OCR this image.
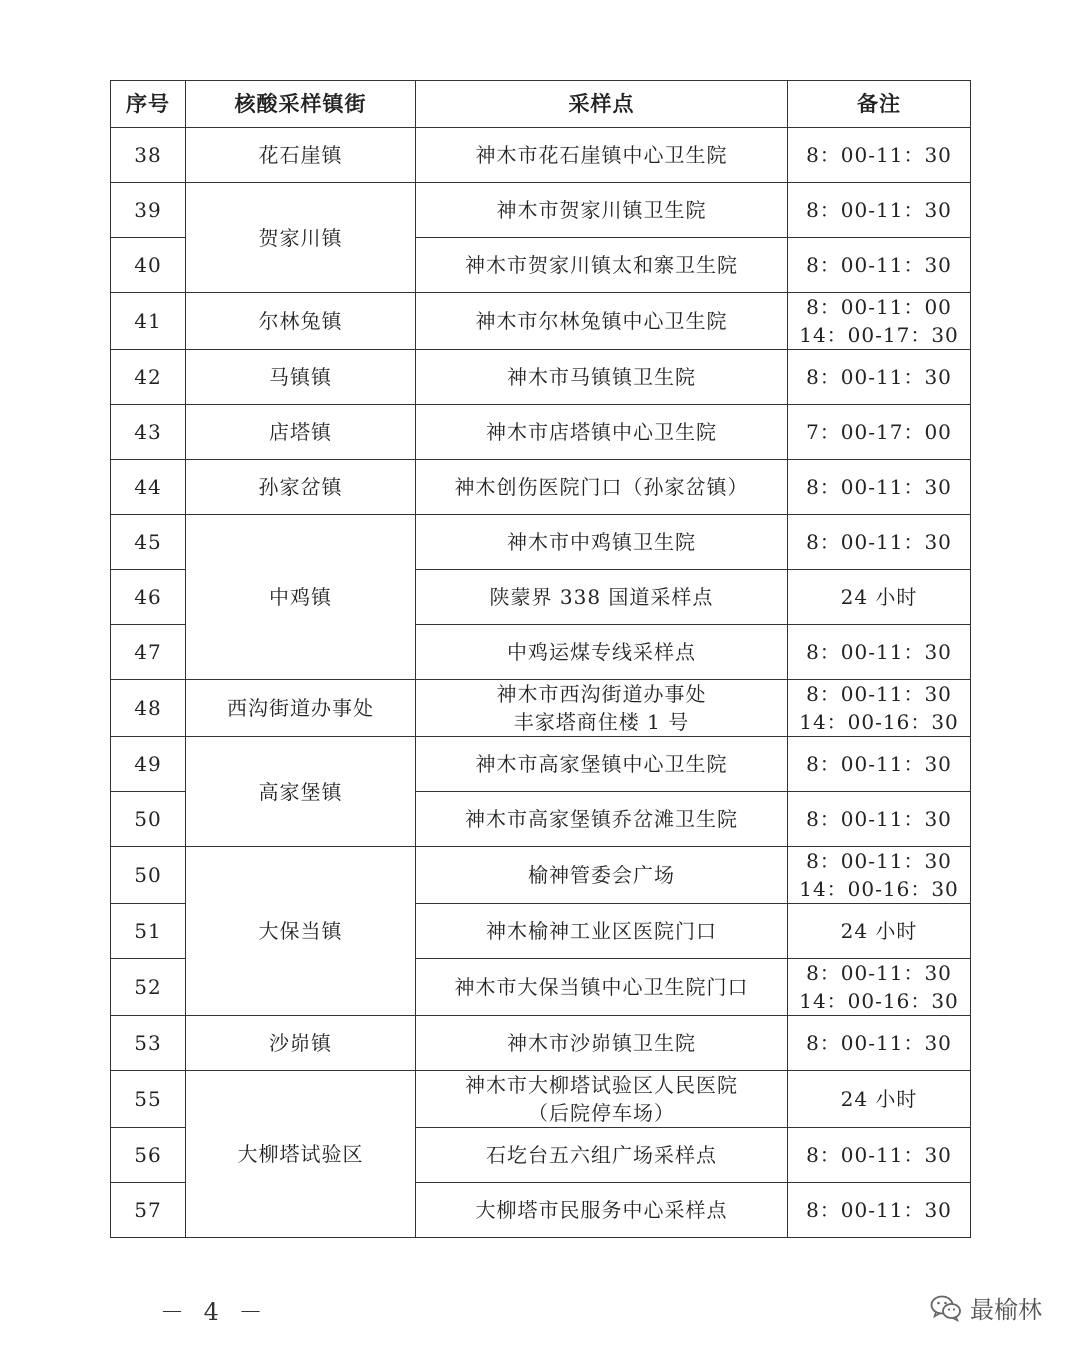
序号	核酸采样镇街	采样点	备注
38	花石崖镇	神木市花石崖镇中心卫生院	8：00-11：30

39	贺家川镇	神木市贺家川镇卫生院	8：00-11：30

40		神木市贺家川镇太和寨卫生院	8：00-11：30

41	尔林兔镇	神木市尔林兔镇中心卫生院	8：00-11：00
14：00-17：30

42	马镇镇	神木市马镇镇卫生院	8：00-11：30

43	店塔镇	神木市店塔镇中心卫生院	7：00-17：00

44	孙家岔镇	神木创伤医院门口（孙家岔镇）	8：00-11：30

45	中鸡镇	神木市中鸡镇卫生院	8：00-11：30

46		陕蒙界 338 国道采样点	24 小时

47		中鸡运煤专线采样点	8：00-11：30

48	西沟街道办事处	神木市西沟街道办事处
丰家塔商住楼 1 号	8：00-11：30
14：00-16：30

49	高家堡镇	神木市高家堡镇中心卫生院	8：00-11：30

50		神木市高家堡镇乔岔滩卫生院	8：00-11：30

50	大保当镇	榆神管委会广场	8：00-11：30
14：00-16：30

51		神木榆神工业区医院门口	24 小时

52		神木市大保当镇中心卫生院门口	8：00-11：30
14：00-16：30

53	沙峁镇	神木市沙峁镇卫生院	8：00-11：30

55	大柳塔试验区	神木市大柳塔试验区人民医院
（后院停车场）	24 小时

56		石圪台五六组广场采样点	8：00-11：30

57		大柳塔市民服务中心采样点	8：00-11：30
－ 4 －	最榆林
